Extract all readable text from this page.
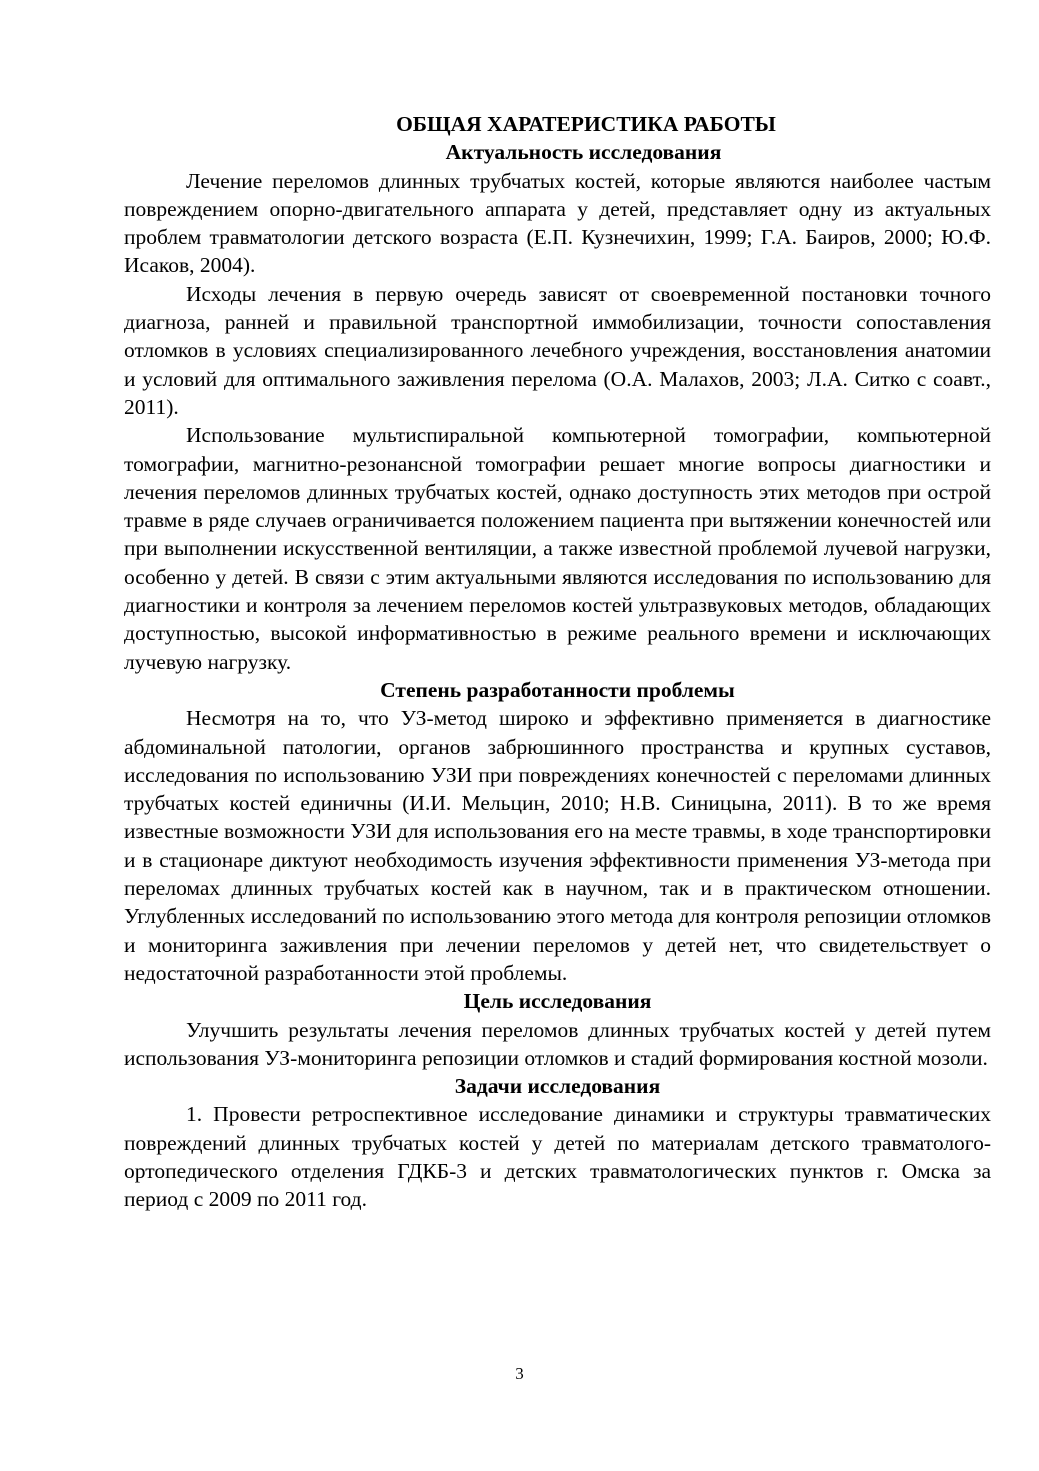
ОБЩАЯ ХАРАТЕРИСТИКА РАБОТЫ

Актуальность исследования

Лечение переломов длинных трубчатых костей, которые являются наиболее частым повреждением опорно-двигательного аппарата у детей, представляет одну из актуальных проблем травматологии детского возраста (Е.П. Кузнечихин, 1999; Г.А. Баиров, 2000; Ю.Ф. Исаков, 2004).

Исходы лечения в первую очередь зависят от своевременной постановки точного диагноза, ранней и правильной транспортной иммобилизации, точности сопоставления отломков в условиях специализированного лечебного учреждения, восстановления анатомии и условий для оптимального заживления перелома (О.А. Малахов, 2003; Л.А. Ситко с соавт., 2011).

Использование мультиспиральной компьютерной томографии, компьютерной томографии, магнитно-резонансной томографии решает многие вопросы диагностики и лечения переломов длинных трубчатых костей, однако доступность этих методов при острой травме в ряде случаев ограничивается положением пациента при вытяжении конечностей или при выполнении искусственной вентиляции, а также известной проблемой лучевой нагрузки, особенно у детей. В связи с этим актуальными являются исследования по использованию для диагностики и контроля за лечением переломов костей ультразвуковых методов, обладающих доступностью, высокой информативностью в режиме реального времени и исключающих лучевую нагрузку.

Степень разработанности проблемы

Несмотря на то, что УЗ-метод широко и эффективно применяется в диагностике абдоминальной патологии, органов забрюшинного пространства и крупных суставов, исследования по использованию УЗИ при повреждениях конечностей с переломами длинных трубчатых костей единичны (И.И. Мельцин, 2010; Н.В. Синицына, 2011). В то же время известные возможности УЗИ для использования его на месте травмы, в ходе транспортировки и в стационаре диктуют необходимость изучения эффективности применения УЗ-метода при переломах длинных трубчатых костей как в научном, так и в практическом отношении. Углубленных исследований по использованию этого метода для контроля репозиции отломков и мониторинга заживления при лечении переломов у детей нет, что свидетельствует о недостаточной разработанности этой проблемы.

Цель исследования

Улучшить результаты лечения переломов длинных трубчатых костей у детей путем использования УЗ-мониторинга репозиции отломков и стадий формирования костной мозоли.

Задачи исследования

1. Провести ретроспективное исследование динамики и структуры травматических повреждений длинных трубчатых костей у детей по материалам детского травматолого-ортопедического отделения ГДКБ-3 и детских травматологических пунктов г. Омска за период с 2009 по 2011 год.

3
